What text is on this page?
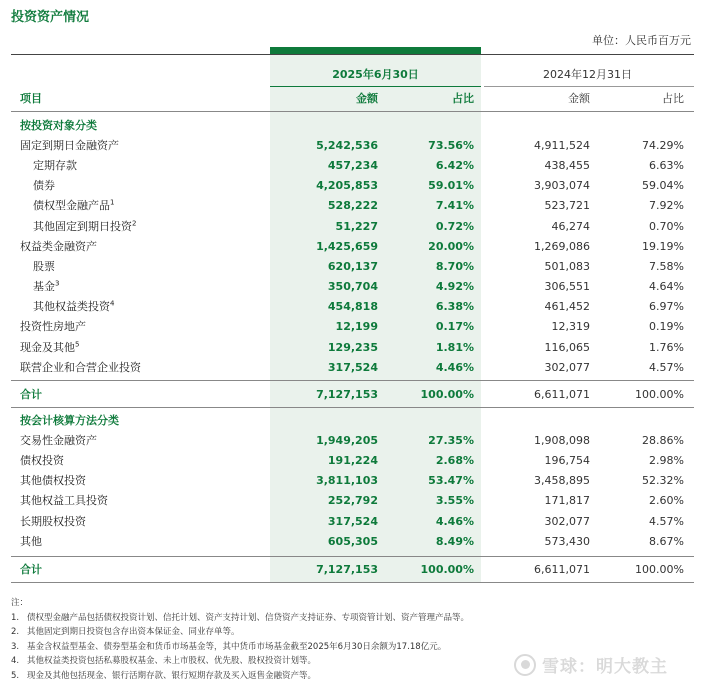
投资资产情况
单位：人民币百万元
2025年6月30日	2024年12月31日
项目	金额	占比	金额	占比
按投资对象分类
固定到期日金融资产	5,242,536	73.56%	4,911,524	74.29%
定期存款	457,234	6.42%	438,455	6.63%
债券	4,205,853	59.01%	3,903,074	59.04%
债权型金融产品$^1$	528,222	7.41%	523,721	7.92%
其他固定到期日投资$^2$	51,227	0.72%	46,274	0.70%
权益类金融资产	1,425,659	20.00%	1,269,086	19.19%
股票	620,137	8.70%	501,083	7.58%
基金$^3$	350,704	4.92%	306,551	4.64%
其他权益类投资$^4$	454,818	6.38%	461,452	6.97%
投资性房地产	12,199	0.17%	12,319	0.19%
现金及其他$^5$	129,235	1.81%	116,065	1.76%
联营企业和合营企业投资	317,524	4.46%	302,077	4.57%
合计	7,127,153	100.00%	6,611,071	100.00%
按会计核算方法分类
交易性金融资产	1,949,205	27.35%	1,908,098	28.86%
债权投资	191,224	2.68%	196,754	2.98%
其他债权投资	3,811,103	53.47%	3,458,895	52.32%
其他权益工具投资	252,792	3.55%	171,817	2.60%
长期股权投资	317,524	4.46%	302,077	4.57%
其他	605,305	8.49%	573,430	8.67%
合计	7,127,153	100.00%	6,611,071	100.00%
注：
1. 债权型金融产品包括债权投资计划、信托计划、资产支持计划、信贷资产支持证券、专项资管计划、资产管理产品等。
2. 其他固定到期日投资包含存出资本保证金、同业存单等。
3. 基金含权益型基金、债券型基金和货币市场基金等，其中货币市场基金截至2025年6月30日余额为17.18亿元。
4. 其他权益类投资包括私募股权基金、未上市股权、优先股、股权投资计划等。
5. 现金及其他包括现金、银行活期存款、银行短期存款及买入返售金融资产等。	雪球：明大教主
